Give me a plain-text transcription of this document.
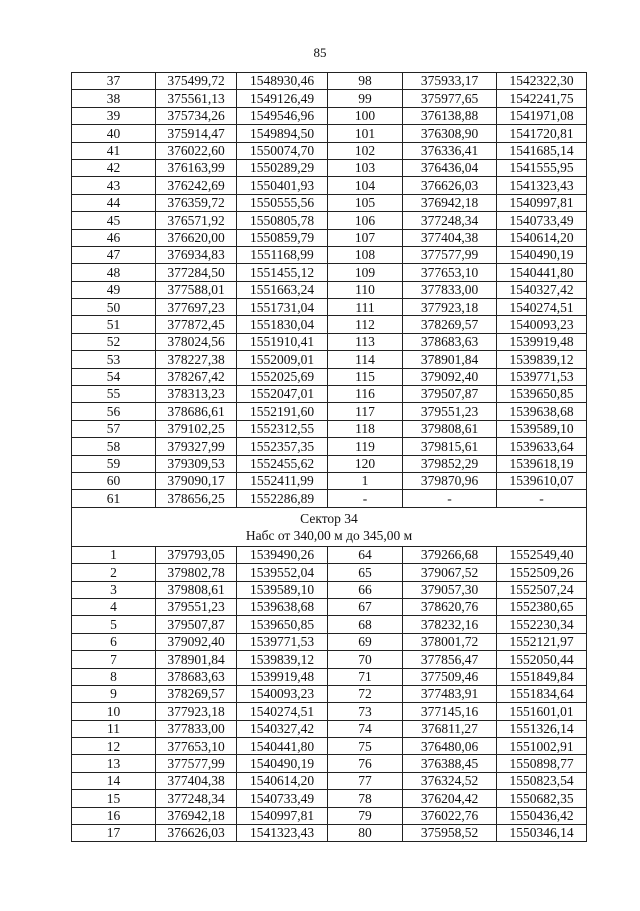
85
37	375499,72	1548930,46	98	375933,17	1542322,30
38	375561,13	1549126,49	99	375977,65	1542241,75
39	375734,26	1549546,96	100	376138,88	1541971,08
40	375914,47	1549894,50	101	376308,90	1541720,81
41	376022,60	1550074,70	102	376336,41	1541685,14
42	376163,99	1550289,29	103	376436,04	1541555,95
43	376242,69	1550401,93	104	376626,03	1541323,43
44	376359,72	1550555,56	105	376942,18	1540997,81
45	376571,92	1550805,78	106	377248,34	1540733,49
46	376620,00	1550859,79	107	377404,38	1540614,20
47	376934,83	1551168,99	108	377577,99	1540490,19
48	377284,50	1551455,12	109	377653,10	1540441,80
49	377588,01	1551663,24	110	377833,00	1540327,42
50	377697,23	1551731,04	111	377923,18	1540274,51
51	377872,45	1551830,04	112	378269,57	1540093,23
52	378024,56	1551910,41	113	378683,63	1539919,48
53	378227,38	1552009,01	114	378901,84	1539839,12
54	378267,42	1552025,69	115	379092,40	1539771,53
55	378313,23	1552047,01	116	379507,87	1539650,85
56	378686,61	1552191,60	117	379551,23	1539638,68
57	379102,25	1552312,55	118	379808,61	1539589,10
58	379327,99	1552357,35	119	379815,61	1539633,64
59	379309,53	1552455,62	120	379852,29	1539618,19
60	379090,17	1552411,99	1	379870,96	1539610,07
61	378656,25	1552286,89	-	-	-

Сектор 34
Набс от 340,00 м до 345,00 м					

1	379793,05	1539490,26	64	379266,68	1552549,40
2	379802,78	1539552,04	65	379067,52	1552509,26
3	379808,61	1539589,10	66	379057,30	1552507,24
4	379551,23	1539638,68	67	378620,76	1552380,65
5	379507,87	1539650,85	68	378232,16	1552230,34
6	379092,40	1539771,53	69	378001,72	1552121,97
7	378901,84	1539839,12	70	377856,47	1552050,44
8	378683,63	1539919,48	71	377509,46	1551849,84
9	378269,57	1540093,23	72	377483,91	1551834,64
10	377923,18	1540274,51	73	377145,16	1551601,01
11	377833,00	1540327,42	74	376811,27	1551326,14
12	377653,10	1540441,80	75	376480,06	1551002,91
13	377577,99	1540490,19	76	376388,45	1550898,77
14	377404,38	1540614,20	77	376324,52	1550823,54
15	377248,34	1540733,49	78	376204,42	1550682,35
16	376942,18	1540997,81	79	376022,76	1550436,42
17	376626,03	1541323,43	80	375958,52	1550346,14
